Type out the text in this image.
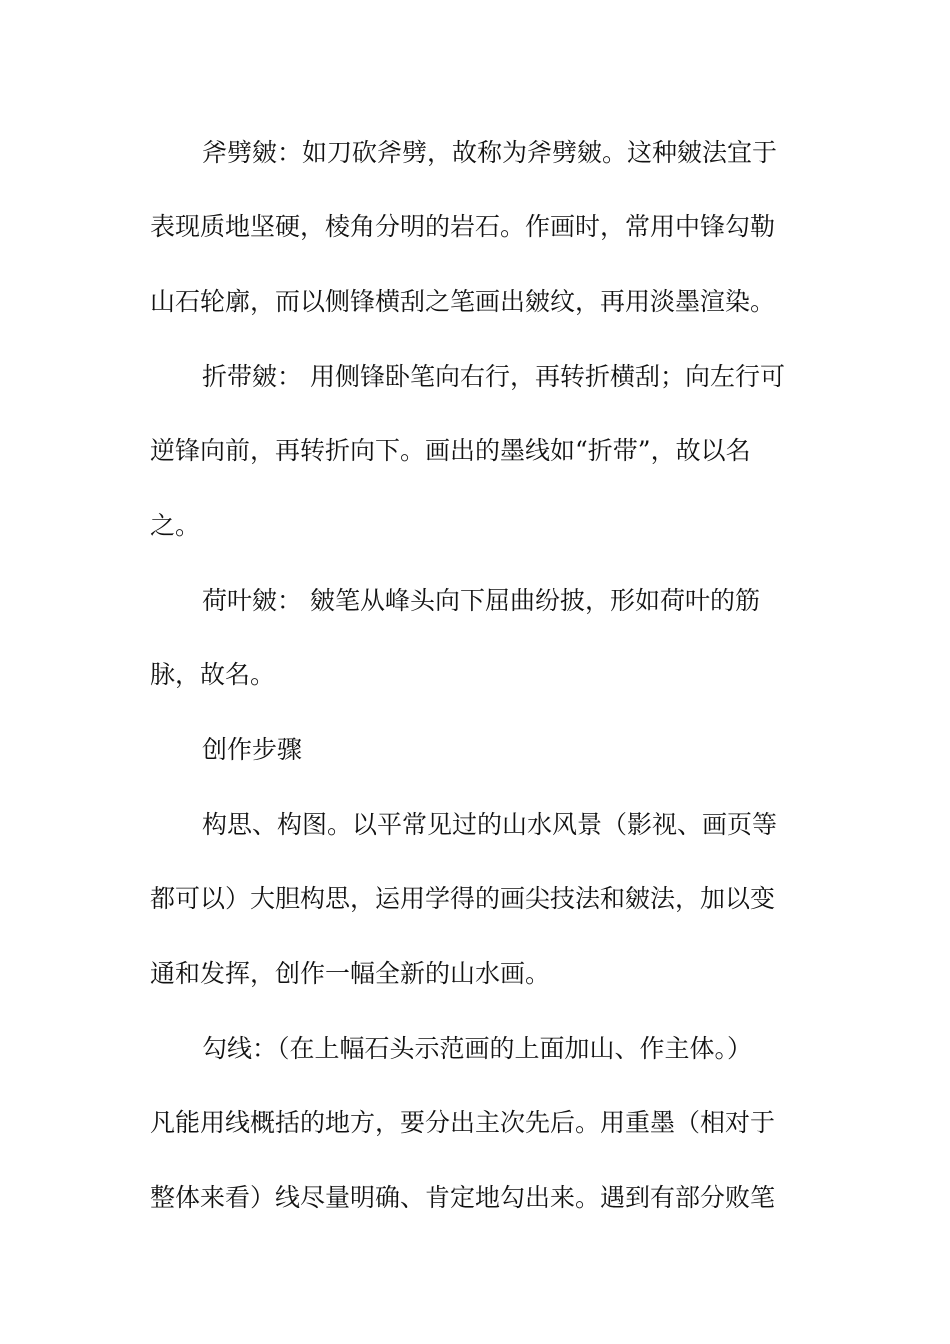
斧劈皴：如刀砍斧劈，故称为斧劈皴。这种皴法宜于
表现质地坚硬，棱角分明的岩石。作画时，常用中锋勾勒
山石轮廓，而以侧锋横刮之笔画出皴纹，再用淡墨渲染。
折带皴： 用侧锋卧笔向右行，再转折横刮；向左行可
逆锋向前，再转折向下。画出的墨线如“折带”，故以名
之。
荷叶皴： 皴笔从峰头向下屈曲纷披，形如荷叶的筋
脉，故名。
创作步骤
构思、构图。以平常见过的山水风景（影视、画页等
都可以）大胆构思，运用学得的画尖技法和皴法，加以变
通和发挥，创作一幅全新的山水画。
勾线：（在上幅石头示范画的上面加山、作主体。）
凡能用线概括的地方，要分出主次先后。用重墨（相对于
整体来看）线尽量明确、肯定地勾出来。遇到有部分败笔
